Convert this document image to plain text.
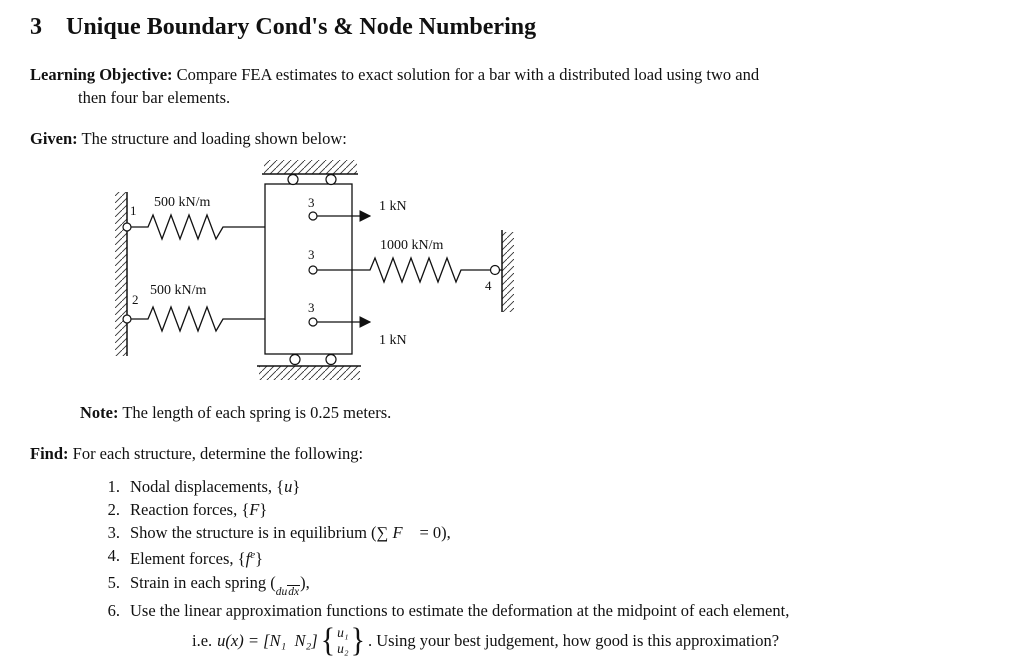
3 Unique Boundary Cond's & Node Numbering
Learning Objective: Compare FEA estimates to exact solution for a bar with a distributed load using two and
then four bar elements.
Given: The structure and loading shown below:
500 kN/m
500 kN/m
1000 kN/m
1 kN
1 kN
1
2
3
3
3
4
Note: The length of each spring is 0.25 meters.
Find: For each structure, determine the following:
1. Nodal displacements, {u}
2. Reaction forces, {F}
3. Show the structure is in equilibrium (∑ F⃗ = 0),
4. Element forces, $\{f^e\}$
5. Strain in each spring (dudx),
6. Use the linear approximation functions to estimate the deformation at the midpoint of each element,
i.e. u(x) = [N₁  N₂] { u₁
u₂ } . Using your best judgement, how good is this approximation?
